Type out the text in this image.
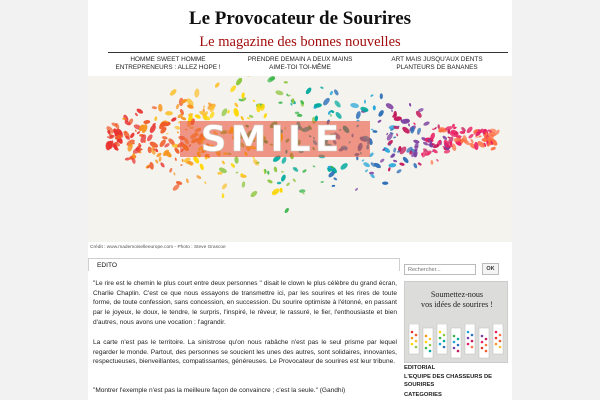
Le Provocateur de Sourires
Le magazine des bonnes nouvelles
HOMME SWEET HOMME	PRENDRE DEMAIN A DEUX MAINS	ART MAIS JUSQU'AUX DENTS
ENTREPRENEURS : ALLEZ HOPE !	AIME-TOI TOI-MÊME	PLANTEURS DE BANANES
SMILE
Crédit : www.mademoiselleeurope.com - Photo : Steve Grascoe
EDITO

"Le rire est le chemin le plus court entre deux personnes " disait le clown le plus célèbre du grand écran, Charlie Chaplin. C'est ce que nous essayons de transmettre ici, par les sourires et les rires de toute forme, de toute confession, sans concession, en succession. Du sourire optimiste à l'étonné, en passant par le joyeux, le doux, le tendre, le surpris, l'inspiré, le rêveur, le rassuré, le fier, l'enthousiaste et bien d'autres, nous avons une vocation : l'agrandir.

La carte n'est pas le territoire. La sinistrose qu'on nous rabâche n'est pas le seul prisme par lequel regarder le monde. Partout, des personnes se soucient les unes des autres, sont solidaires, innovantes, respectueuses, bienveillantes, compatissantes, généreuses. Le Provocateur de sourires est leur tribune.

"Montrer l'exemple n'est pas la meilleure façon de convaincre ; c'est la seule." (Gandhi)

Rechercher...
OK
Soumettez-nous
vos idées de sourires !
EDITORIAL
L'EQUIPE DES CHASSEURS DE SOURIRES
CATEGORIES
